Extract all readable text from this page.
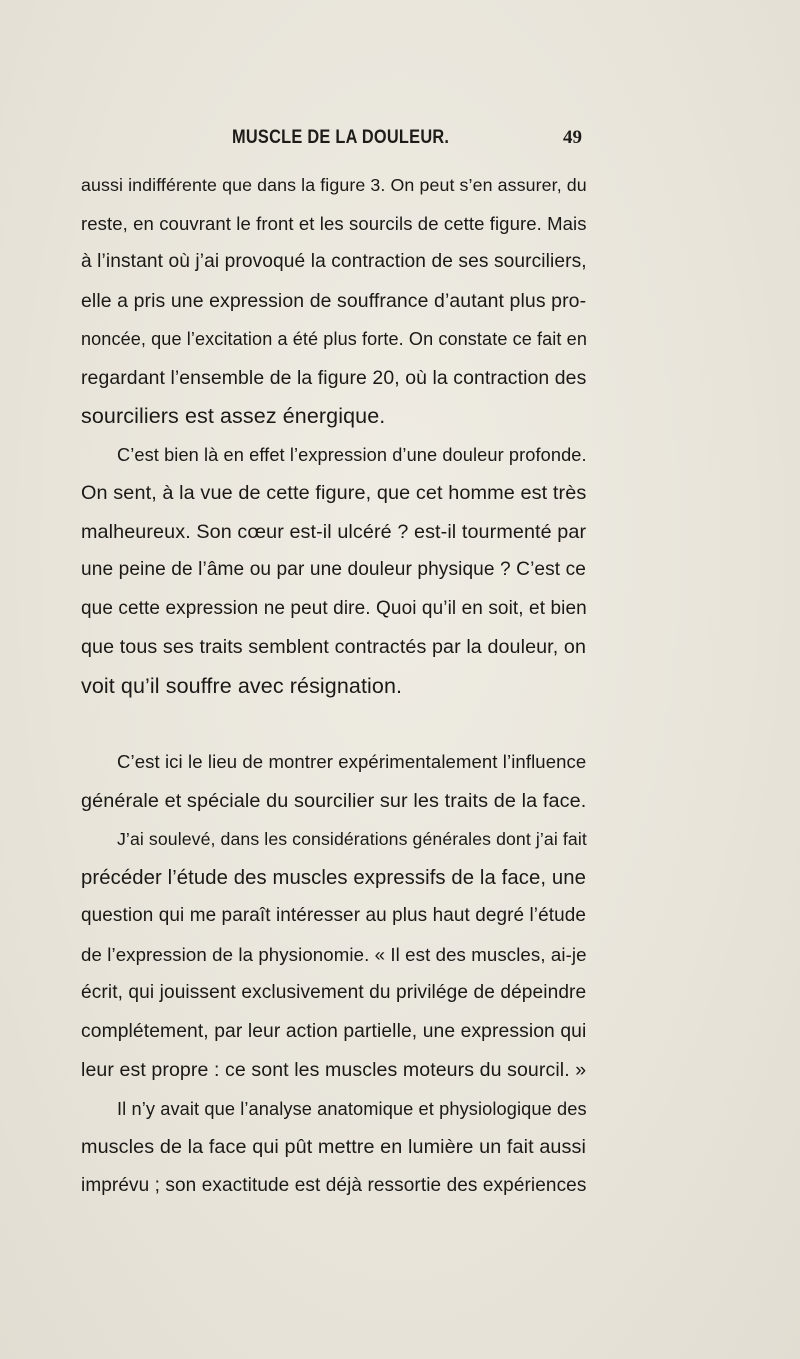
MUSCLE DE LA DOULEUR.	49
aussi indifférente que dans la figure 3. On peut s’en assurer, du
reste, en couvrant le front et les sourcils de cette figure. Mais
à l’instant où j’ai provoqué la contraction de ses sourciliers,
elle a pris une expression de souffrance d’autant plus pro-
noncée, que l’excitation a été plus forte. On constate ce fait en
regardant l’ensemble de la figure 20, où la contraction des
sourciliers est assez énergique.
C’est bien là en effet l’expression d’une douleur profonde.
On sent, à la vue de cette figure, que cet homme est très
malheureux. Son cœur est-il ulcéré ? est-il tourmenté par
une peine de l’âme ou par une douleur physique ? C’est ce
que cette expression ne peut dire. Quoi qu’il en soit, et bien
que tous ses traits semblent contractés par la douleur, on
voit qu’il souffre avec résignation.
C’est ici le lieu de montrer expérimentalement l’influence
générale et spéciale du sourcilier sur les traits de la face.
J’ai soulevé, dans les considérations générales dont j’ai fait
précéder l’étude des muscles expressifs de la face, une
question qui me paraît intéresser au plus haut degré l’étude
de l’expression de la physionomie. « Il est des muscles, ai-je
écrit, qui jouissent exclusivement du privilége de dépeindre
complétement, par leur action partielle, une expression qui
leur est propre : ce sont les muscles moteurs du sourcil. »
Il n’y avait que l’analyse anatomique et physiologique des
muscles de la face qui pût mettre en lumière un fait aussi
imprévu ; son exactitude est déjà ressortie des expériences
